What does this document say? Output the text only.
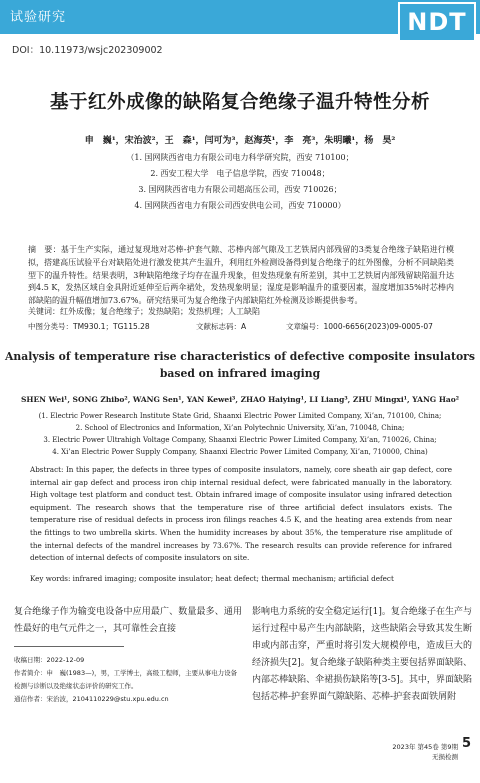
试验研究	NDT
DOI：10.11973/wsjc202309002
基于红外成像的缺陷复合绝缘子温升特性分析
申　巍¹，宋治波²，王　森¹，闫可为³，赵海英¹，李　亮³，朱明曦¹，杨　昊²
（1. 国网陕西省电力有限公司电力科学研究院，西安 710100；
2. 西安工程大学　电子信息学院，西安 710048；
3. 国网陕西省电力有限公司超高压公司，西安 710026；
4. 国网陕西省电力有限公司西安供电公司，西安 710000）
摘　要：基于生产实际，通过复现地对芯棒-护套气隙、芯棒内部气隙及工艺铁屑内部残留的3类复合绝缘子缺陷进行模拟，搭建高压试验平台对缺陷处进行激发使其产生温升，利用红外检测设备得到复合绝缘子的红外图像，分析不同缺陷类型下的温升特性。结果表明，3种缺陷绝缘子均存在温升现象，但发热现象有所差别，其中工艺铁屑内部残留缺陷温升达到4.5 K，发热区域自金具附近延伸至后两伞裙处，发热现象明显；湿度是影响温升的重要因素，湿度增加35%时芯棒内部缺陷的温升幅值增加73.67%。研究结果可为复合绝缘子内部缺陷红外检测及诊断提供参考。
关键词：红外成像；复合绝缘子；发热缺陷；发热机理；人工缺陷
中图分类号：TM930.1；TG115.28	文献标志码：A	文章编号：1000-6656(2023)09-0005-07
Analysis of temperature rise characteristics of defective composite insulators
based on infrared imaging
SHEN Wei¹, SONG Zhibo², WANG Sen¹, YAN Kewei³, ZHAO Haiying¹, LI Liang³, ZHU Mingxi¹, YANG Hao²
(1. Electric Power Research Institute State Grid, Shaanxi Electric Power Limited Company, Xi’an, 710100, China;
2. School of Electronics and Information, Xi’an Polytechnic University, Xi’an, 710048, China;
3. Electric Power Ultrahigh Voltage Company, Shaanxi Electric Power Limited Company, Xi’an, 710026, China;
4. Xi’an Electric Power Supply Company, Shaanxi Electric Power Limited Company, Xi’an, 710000, China)
Abstract: In this paper, the defects in three types of composite insulators, namely, core sheath air gap defect, core internal air gap defect and process iron chip internal residual defect, were fabricated manually in the laboratory. High voltage test platform and conduct test. Obtain infrared image of composite insulator using infrared detection equipment. The research shows that the temperature rise of three artificial defect insulators exists. The temperature rise of residual defects in process iron filings reaches 4.5 K, and the heating area extends from near the fittings to two umbrella skirts. When the humidity increases by about 35%, the temperature rise amplitude of the internal defects of the mandrel increases by 73.67%. The research results can provide reference for infrared detection of internal defects of composite insulators on site.
Key words: infrared imaging; composite insulator; heat defect; thermal mechanism; artificial defect
复合绝缘子作为输变电设备中应用最广、数量最多、通用性最好的电气元件之一，其可靠性会直接
影响电力系统的安全稳定运行[1]。复合绝缘子在生产与运行过程中易产生内部缺陷，这些缺陷会导致其发生断串或内部击穿，严重时将引发大规模停电，造成巨大的经济损失[2]。复合绝缘子缺陷种类主要包括界面缺陷、内部芯棒缺陷、伞裙损伤缺陷等[3-5]。其中，界面缺陷包括芯棒-护套界面气隙缺陷、芯棒-护套表面铁屑附
收稿日期：2022-12-09
作者简介：申　巍(1983—)，男，工学博士，高级工程师，主要从事电力设备检测与诊断以及绝缘状态评价的研究工作。
通信作者：宋治波，2104110229@stu.xpu.edu.cn
2023年 第45卷 第9期
无损检测
5
